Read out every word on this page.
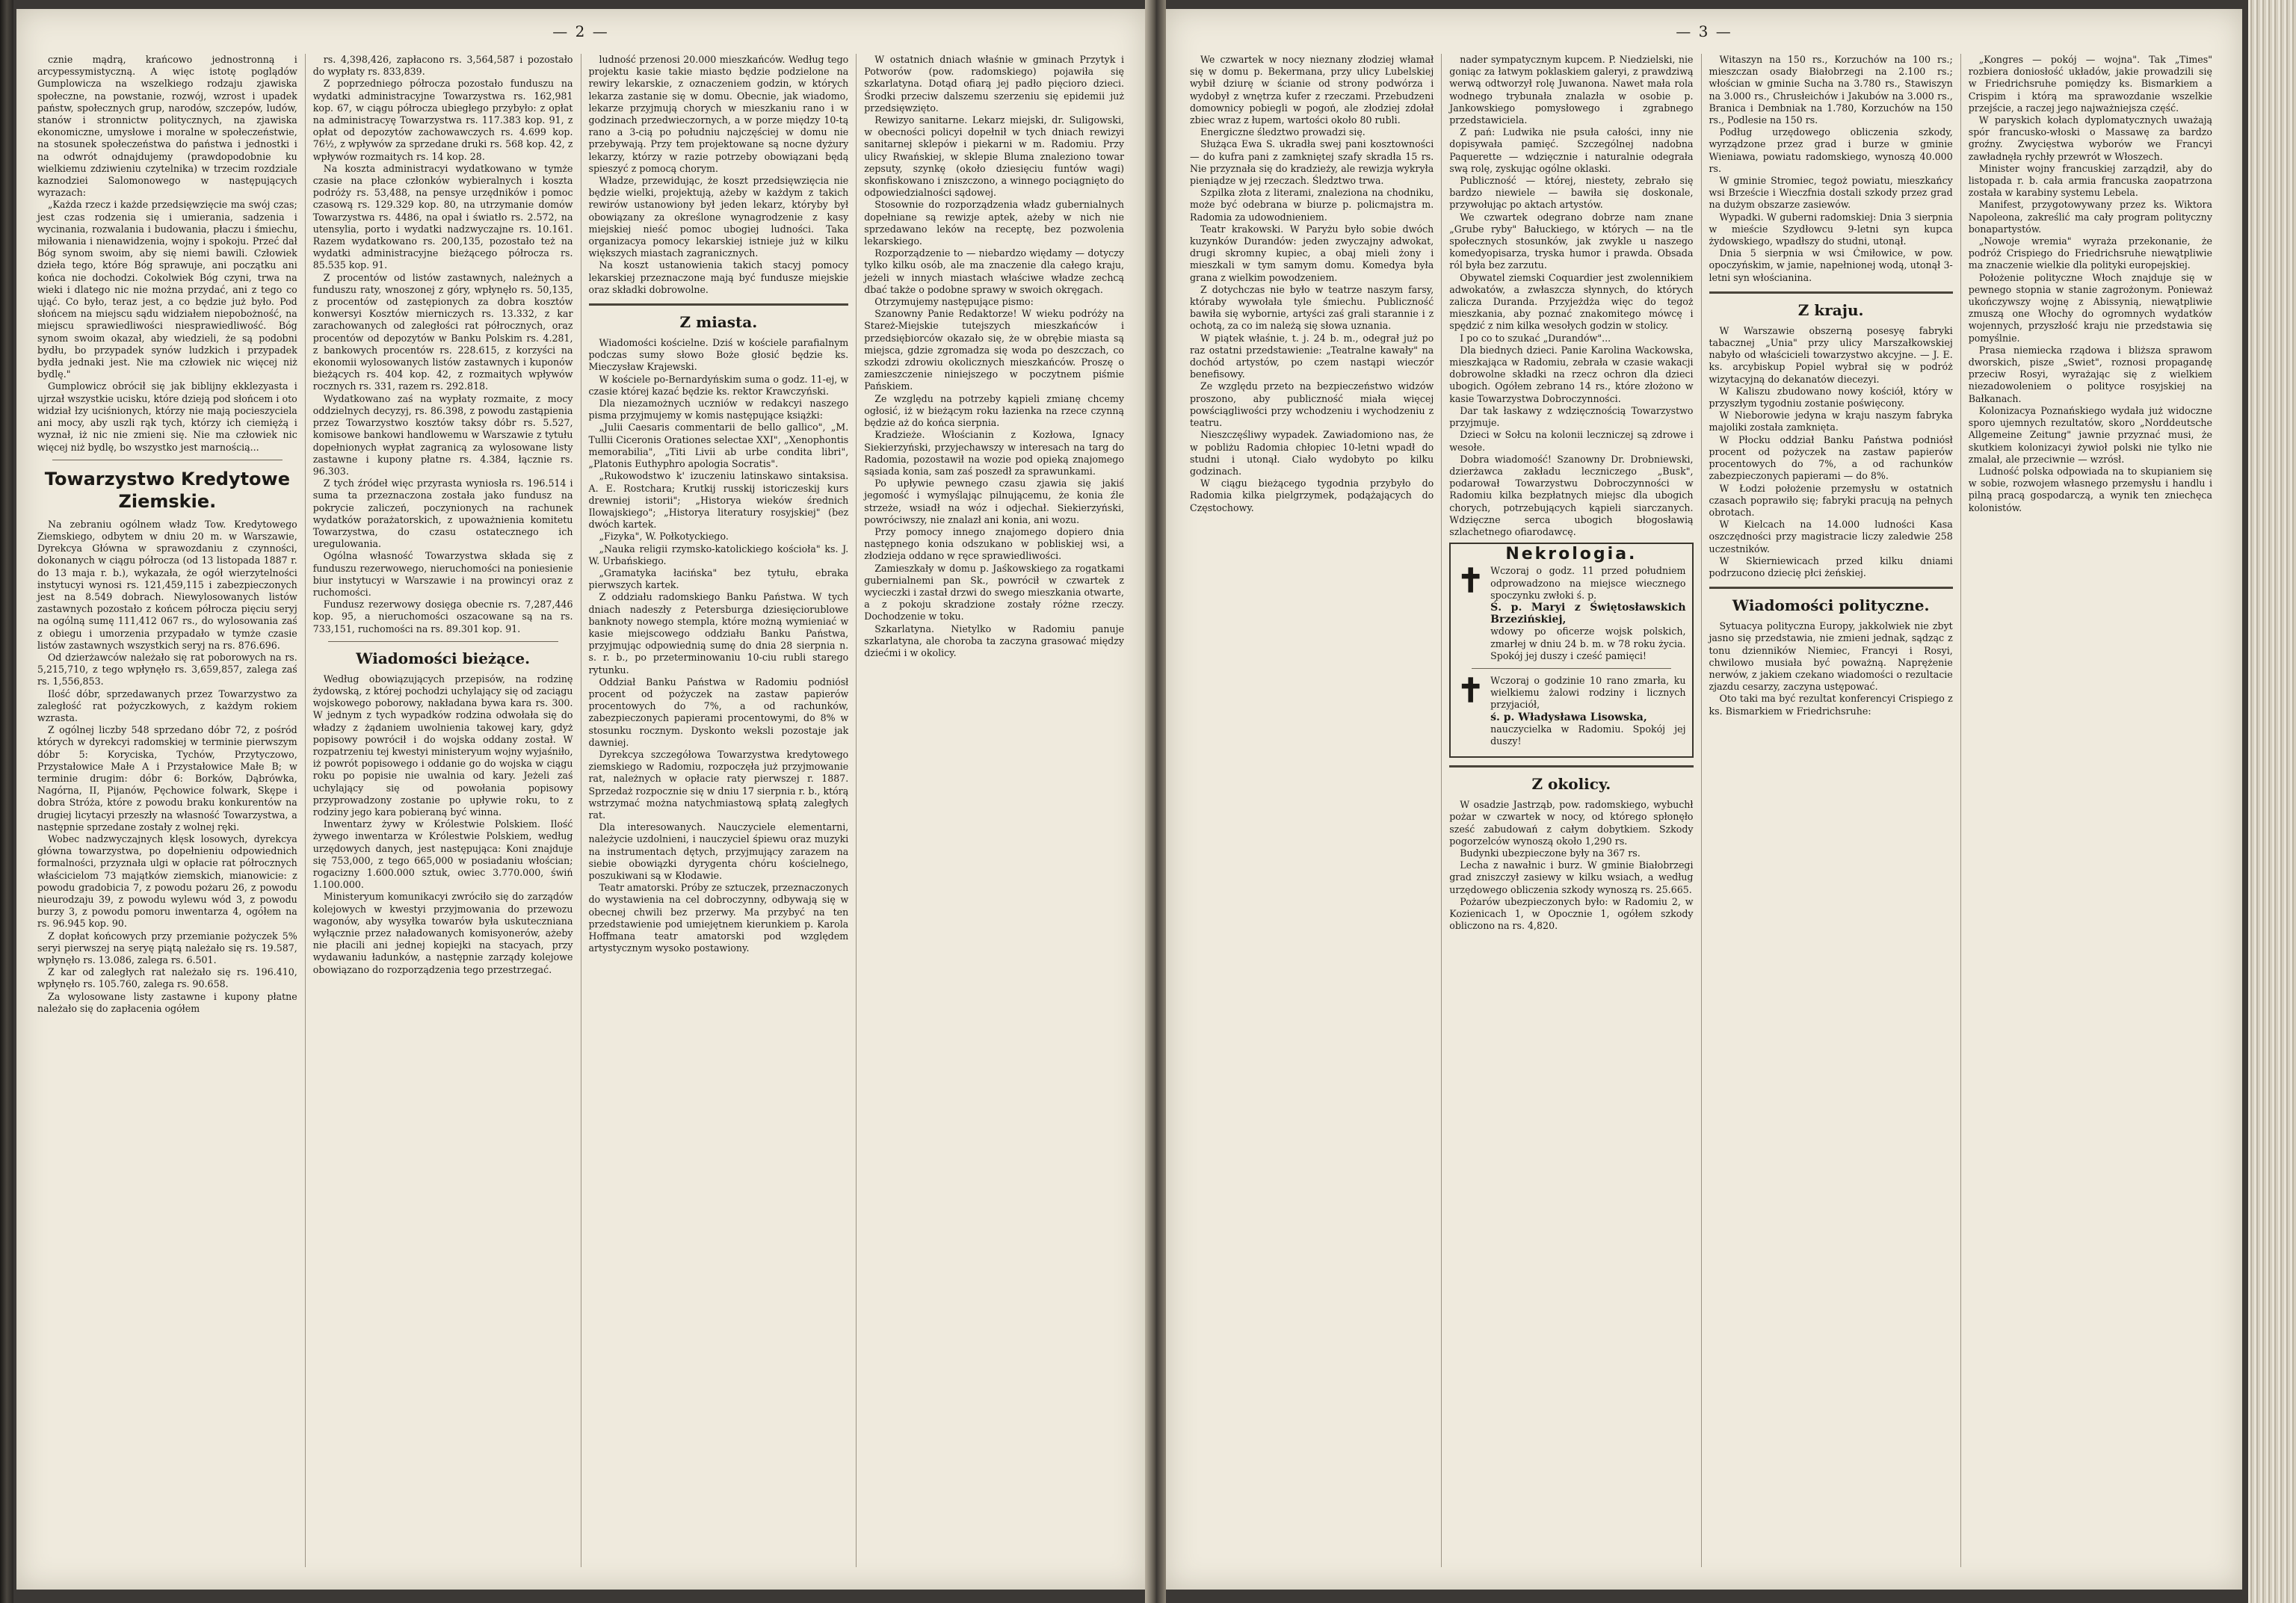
— 2 —

cznie mądrą, krańcowo jednostronną i arcypessymistyczną. A więc istotę poglądów Gumplowicza na wszelkiego rodzaju zjawiska społeczne, na powstanie, rozwój, wzrost i upadek państw, społecznych grup, narodów, szczepów, ludów, stanów i stronnictw politycznych, na zjawiska ekonomiczne, umysłowe i moralne w społeczeństwie, na stosunek społeczeństwa do państwa i jednostki i na odwrót odnajdujemy (prawdopodobnie ku wielkiemu zdziwieniu czytelnika) w trzecim rozdziale kaznodziei Salomonowego w następujących wyrazach:

„Każda rzecz i każde przedsięwzięcie ma swój czas; jest czas rodzenia się i umierania, sadzenia i wycinania, rozwalania i budowania, płaczu i śmiechu, miłowania i nienawidzenia, wojny i spokoju. Przeć dał Bóg synom swoim, aby się niemi bawili. Człowiek dzieła tego, które Bóg sprawuje, ani początku ani końca nie dochodzi. Cokolwiek Bóg czyni, trwa na wieki i dlatego nic nie można przydać, ani z tego co ująć. Co było, teraz jest, a co będzie już było. Pod słońcem na miejscu sądu widziałem niepobożność, na miejscu sprawiedliwości niesprawiedliwość. Bóg synom swoim okazał, aby wiedzieli, że są podobni bydłu, bo przypadek synów ludzkich i przypadek bydła jednaki jest. Nie ma człowiek nic więcej niż bydlę."

Gumplowicz obrócił się jak biblijny ekklezyasta i ujrzał wszystkie ucisku, które dzieją pod słońcem i oto widział łzy uciśnionych, którzy nie mają pocieszyciela ani mocy, aby uszli rąk tych, którzy ich ciemiężą i wyznał, iż nic nie zmieni się. Nie ma człowiek nic więcej niż bydlę, bo wszystko jest marnością...

Towarzystwo Kredytowe Ziemskie.

Na zebraniu ogólnem władz Tow. Kredytowego Ziemskiego, odbytem w dniu 20 m. w Warszawie, Dyrekcya Główna w sprawozdaniu z czynności, dokonanych w ciągu półrocza (od 13 listopada 1887 r. do 13 maja r. b.), wykazała, że ogół wierzytelności instytucyi wynosi rs. 121,459,115 i zabezpieczonych jest na 8.549 dobrach. Niewylosowanych listów zastawnych pozostało z końcem półrocza pięciu seryj na ogólną sumę 111,412 067 rs., do wylosowania zaś z obiegu i umorzenia przypadało w tymże czasie listów zastawnych wszystkich seryj na rs. 876.696.

Od dzierżawców należało się rat poborowych na rs. 5,215,710, z tego wpłynęło rs. 3,659,857, zalega zaś rs. 1,556,853.

Ilość dóbr, sprzedawanych przez Towarzystwo za zaległość rat pożyczkowych, z każdym rokiem wzrasta.

Z ogólnej liczby 548 sprzedano dóbr 72, z pośród których w dyrekcyi radomskiej w terminie pierwszym dóbr 5: Koryciska, Tychów, Przytyczowo, Przystałowice Małe A i Przystałowice Małe B; w terminie drugim: dóbr 6: Borków, Dąbrówka, Nagórna, II, Pijanów, Pęchowice folwark, Skępe i dobra Stróża, które z powodu braku konkurentów na drugiej licytacyi przeszły na własność Towarzystwa, a następnie sprzedane zostały z wolnej ręki.

Wobec nadzwyczajnych klęsk losowych, dyrekcya główna towarzystwa, po dopełnieniu odpowiednich formalności, przyznała ulgi w opłacie rat półrocznych właścicielom 73 majątków ziemskich, mianowicie: z powodu gradobicia 7, z powodu pożaru 26, z powodu nieurodzaju 39, z powodu wylewu wód 3, z powodu burzy 3, z powodu pomoru inwentarza 4, ogółem na rs. 96.945 kop. 90.

Z dopłat końcowych przy przemianie pożyczek 5% seryi pierwszej na seryę piątą należało się rs. 19.587, wpłynęło rs. 13.086, zalega rs. 6.501.

Z kar od zaległych rat należało się rs. 196.410, wpłynęło rs. 105.760, zalega rs. 90.658.

Za wylosowane listy zastawne i kupony płatne należało się do zapłacenia ogółem

rs. 4,398,426, zapłacono rs. 3,564,587 i pozostało do wypłaty rs. 833,839.

Z poprzedniego półrocza pozostało funduszu na wydatki administracyjne Towarzystwa rs. 162,981 kop. 67, w ciągu półrocza ubiegłego przybyło: z opłat na administracyę Towarzystwa rs. 117.383 kop. 91, z opłat od depozytów zachowawczych rs. 4.699 kop. 76½, z wpływów za sprzedane druki rs. 568 kop. 42, z wpływów rozmaitych rs. 14 kop. 28.

Na koszta administracyi wydatkowano w tymże czasie na płace członków wybieralnych i koszta podróży rs. 53,488, na pensye urzędników i pomoc czasową rs. 129.329 kop. 80, na utrzymanie domów Towarzystwa rs. 4486, na opał i światło rs. 2.572, na utensylia, porto i wydatki nadzwyczajne rs. 10.161. Razem wydatkowano rs. 200,135, pozostało też na wydatki administracyjne bieżącego półrocza rs. 85.535 kop. 91.

Z procentów od listów zastawnych, należnych a funduszu raty, wnoszonej z góry, wpłynęło rs. 50,135, z procentów od zastępionych za dobra kosztów konwersyi Kosztów mierniczych rs. 13.332, z kar zarachowanych od zaległości rat półrocznych, oraz procentów od depozytów w Banku Polskim rs. 4.281, z bankowych procentów rs. 228.615, z korzyści na ekonomii wylosowanych listów zastawnych i kuponów bieżących rs. 404 kop. 42, z rozmaitych wpływów rocznych rs. 331, razem rs. 292.818.

Wydatkowano zaś na wypłaty rozmaite, z mocy oddzielnych decyzyj, rs. 86.398, z powodu zastąpienia przez Towarzystwo kosztów taksy dóbr rs. 5.527, komisowe bankowi handlowemu w Warszawie z tytułu dopełnionych wypłat zagranicą za wylosowane listy zastawne i kupony płatne rs. 4.384, łącznie rs. 96.303.

Z tych źródeł więc przyrasta wyniosła rs. 196.514 i suma ta przeznaczona została jako fundusz na pokrycie zaliczeń, poczynionych na rachunek wydatków porażatorskich, z upoważnienia komitetu Towarzystwa, do czasu ostatecznego ich uregulowania.

Ogólna własność Towarzystwa składa się z funduszu rezerwowego, nieruchomości na poniesienie biur instytucyi w Warszawie i na prowincyi oraz z ruchomości.

Fundusz rezerwowy dosięga obecnie rs. 7,287,446 kop. 95, a nieruchomości oszacowane są na rs. 733,151, ruchomości na rs. 89.301 kop. 91.

Wiadomości bieżące.

Według obowiązujących przepisów, na rodzinę żydowską, z której pochodzi uchylający się od zaciągu wojskowego poborowy, nakładana bywa kara rs. 300. W jednym z tych wypadków rodzina odwołała się do władzy z żądaniem uwolnienia takowej kary, gdyż popisowy powrócił i do wojska oddany został. W rozpatrzeniu tej kwestyi ministeryum wojny wyjaśniło, iż powrót popisowego i oddanie go do wojska w ciągu roku po popisie nie uwalnia od kary. Jeżeli zaś uchylający się od powołania popisowy przyprowadzony zostanie po upływie roku, to z rodziny jego kara pobieraną być winna.

Inwentarz żywy w Królestwie Polskiem. Ilość żywego inwentarza w Królestwie Polskiem, według urzędowych danych, jest następująca: Koni znajduje się 753,000, z tego 665,000 w posiadaniu włościan; rogacizny 1.600.000 sztuk, owiec 3.770.000, świń 1.100.000.

Ministeryum komunikacyi zwróciło się do zarządów kolejowych w kwestyi przyjmowania do przewozu wagonów, aby wysyłka towarów była uskuteczniana wyłącznie przez naładowanych komisyonerów, ażeby nie płacili ani jednej kopiejki na stacyach, przy wydawaniu ładunków, a następnie zarządy kolejowe obowiązano do rozporządzenia tego przestrzegać.

ludność przenosi 20.000 mieszkańców. Według tego projektu kasie takie miasto będzie podzielone na rewiry lekarskie, z oznaczeniem godzin, w których lekarza zastanie się w domu. Obecnie, jak wiadomo, lekarze przyjmują chorych w mieszkaniu rano i w godzinach przedwieczornych, a w porze między 10-tą rano a 3-cią po południu najczęściej w domu nie przebywają. Przy tem projektowane są nocne dyżury lekarzy, którzy w razie potrzeby obowiązani będą spieszyć z pomocą chorym.

Władze, przewidując, że koszt przedsięwzięcia nie będzie wielki, projektują, ażeby w każdym z takich rewirów ustanowiony był jeden lekarz, któryby był obowiązany za określone wynagrodzenie z kasy miejskiej nieść pomoc ubogiej ludności. Taka organizacya pomocy lekarskiej istnieje już w kilku większych miastach zagranicznych.

Na koszt ustanowienia takich stacyj pomocy lekarskiej przeznaczone mają być fundusze miejskie oraz składki dobrowolne.

Z miasta.

Wiadomości kościelne. Dziś w kościele parafialnym podczas sumy słowo Boże głosić będzie ks. Mieczysław Krajewski.

W kościele po-Bernardyńskim suma o godz. 11-ej, w czasie której kazać będzie ks. rektor Krawczyński.

Dla niezamożnych uczniów w redakcyi naszego pisma przyjmujemy w komis następujące książki:

„Julii Caesaris commentarii de bello gallico", „M. Tullii Ciceronis Orationes selectae XXI", „Xenophontis memorabilia", „Titi Livii ab urbe condita libri", „Platonis Euthyphro apologia Socratis".

„Rukowodstwo k' izuczeniu latinskawo sintaksisa. A. E. Rostchara; Krutkij russkij istoriczeskij kurs drewniej istorii"; „Historya wieków średnich Ilowajskiego"; „Historya literatury rosyjskiej" (bez dwóch kartek.

„Fizyka", W. Połkotyckiego.

„Nauka religii rzymsko-katolickiego kościoła" ks. J. W. Urbańskiego.

„Gramatyka łacińska" bez tytułu, ebraka pierwszych kartek.

Z oddziału radomskiego Banku Państwa. W tych dniach nadeszły z Petersburga dziesięciorublowe banknoty nowego stempla, które możną wymieniać w kasie miejscowego oddziału Banku Państwa, przyjmując odpowiednią sumę do dnia 28 sierpnia n. s. r. b., po przeterminowaniu 10-ciu rubli starego rytunku.

Oddział Banku Państwa w Radomiu podniósł procent od pożyczek na zastaw papierów procentowych do 7%, a od rachunków, zabezpieczonych papierami procentowymi, do 8% w stosunku rocznym. Dyskonto weksli pozostaje jak dawniej.

Dyrekcya szczegółowa Towarzystwa kredytowego ziemskiego w Radomiu, rozpoczęła już przyjmowanie rat, należnych w opłacie raty pierwszej r. 1887. Sprzedaż rozpocznie się w dniu 17 sierpnia r. b., którą wstrzymać można natychmiastową spłatą zaległych rat.

Dla interesowanych. Nauczyciele elementarni, należycie uzdolnieni, i nauczyciel śpiewu oraz muzyki na instrumentach dętych, przyjmujący zarazem na siebie obowiązki dyrygenta chóru kościelnego, poszukiwani są w Kłodawie.

Teatr amatorski. Próby ze sztuczek, przeznaczonych do wystawienia na cel dobroczynny, odbywają się w obecnej chwili bez przerwy. Ma przybyć na ten przedstawienie pod umiejętnem kierunkiem p. Karola Hoffmana teatr amatorski pod względem artystycznym wysoko postawiony.

W ostatnich dniach właśnie w gminach Przytyk i Potworów (pow. radomskiego) pojawiła się szkarlatyna. Dotąd ofiarą jej padło pięcioro dzieci. Środki przeciw dalszemu szerzeniu się epidemii już przedsięwzięto.

Rewizyo sanitarne. Lekarz miejski, dr. Suligowski, w obecności policyi dopełnił w tych dniach rewizyi sanitarnej sklepów i piekarni w m. Radomiu. Przy ulicy Rwańskiej, w sklepie Bluma znaleziono towar zepsuty, szynkę (około dziesięciu funtów wagi) skonfiskowano i zniszczono, a winnego pociągnięto do odpowiedzialności sądowej.

Stosownie do rozporządzenia władz gubernialnych dopełniane są rewizje aptek, ażeby w nich nie sprzedawano leków na receptę, bez pozwolenia lekarskiego.

Rozporządzenie to — niebardzo więdamy — dotyczy tylko kilku osób, ale ma znaczenie dla całego kraju, jeżeli w innych miastach właściwe władze zechcą dbać także o podobne sprawy w swoich okręgach.

Otrzymujemy następujące pismo:

Szanowny Panie Redaktorze! W wieku podróży na Stareż-Miejskie tutejszych mieszkańców i przedsiębiorców okazało się, że w obrębie miasta są miejsca, gdzie zgromadza się woda po deszczach, co szkodzi zdrowiu okolicznych mieszkańców. Proszę o zamieszczenie niniejszego w poczytnem piśmie Pańskiem.

Ze względu na potrzeby kąpieli zmianę chcemy ogłosić, iż w bieżącym roku łazienka na rzece czynną będzie aż do końca sierpnia.

Kradzieże. Włościanin z Kozłowa, Ignacy Siekierzyński, przyjechawszy w interesach na targ do Radomia, pozostawił na wozie pod opieką znajomego sąsiada konia, sam zaś poszedł za sprawunkami.

Po upływie pewnego czasu zjawia się jakiś jegomość i wymyślając pilnującemu, że konia źle strzeże, wsiadł na wóz i odjechał. Siekierzyński, powróciwszy, nie znalazł ani konia, ani wozu.

Przy pomocy innego znajomego dopiero dnia następnego konia odszukano w pobliskiej wsi, a złodzieja oddano w ręce sprawiedliwości.

Zamieszkały w domu p. Jaśkowskiego za rogatkami gubernialnemi pan Sk., powrócił w czwartek z wycieczki i zastał drzwi do swego mieszkania otwarte, a z pokoju skradzione zostały różne rzeczy. Dochodzenie w toku.

Szkarlatyna. Nietylko w Radomiu panuje szkarlatyna, ale choroba ta zaczyna grasować między dziećmi i w okolicy.

— 3 —

We czwartek w nocy nieznany złodziej włamał się w domu p. Bekermana, przy ulicy Lubelskiej wybił dziurę w ścianie od strony podwórza i wydobył z wnętrza kufer z rzeczami. Przebudzeni domownicy pobiegli w pogoń, ale złodziej zdołał zbiec wraz z łupem, wartości około 80 rubli.

Energiczne śledztwo prowadzi się.

Służąca Ewa S. ukradła swej pani kosztowności — do kufra pani z zamkniętej szafy skradła 15 rs. Nie przyznała się do kradzieży, ale rewizja wykryła pieniądze w jej rzeczach. Śledztwo trwa.

Szpilka złota z literami, znaleziona na chodniku, może być odebrana w biurze p. policmajstra m. Radomia za udowodnieniem.

Teatr krakowski. W Paryżu było sobie dwóch kuzynków Durandów: jeden zwyczajny adwokat, drugi skromny kupiec, a obaj mieli żony i mieszkali w tym samym domu. Komedya była grana z wielkim powodzeniem.

Z dotychczas nie było w teatrze naszym farsy, któraby wywołała tyle śmiechu. Publiczność bawiła się wybornie, artyści zaś grali starannie i z ochotą, za co im należą się słowa uznania.

W piątek właśnie, t. j. 24 b. m., odegrał już po raz ostatni przedstawienie: „Teatralne kawały" na dochód artystów, po czem nastąpi wieczór benefisowy.

Ze względu przeto na bezpieczeństwo widzów proszono, aby publiczność miała więcej powściągliwości przy wchodzeniu i wychodzeniu z teatru.

Nieszczęśliwy wypadek. Zawiadomiono nas, że w pobliżu Radomia chłopiec 10-letni wpadł do studni i utonął. Ciało wydobyto po kilku godzinach.

W ciągu bieżącego tygodnia przybyło do Radomia kilka pielgrzymek, podążających do Częstochowy.

nader sympatycznym kupcem. P. Niedzielski, nie goniąc za łatwym poklaskiem galeryi, z prawdziwą werwą odtworzył rolę Juwanona. Nawet mała rola wodnego trybunała znalazła w osobie p. Jankowskiego pomysłowego i zgrabnego przedstawiciela.

Z pań: Ludwika nie psuła całości, inny nie dopisywała pamięć. Szczególnej nadobna Paquerette — wdzięcznie i naturalnie odegrała swą rolę, zyskując ogólne oklaski.

Publiczność — której, niestety, zebrało się bardzo niewiele — bawiła się doskonale, przywołując po aktach artystów.

We czwartek odegrano dobrze nam znane „Grube ryby" Bałuckiego, w których — na tle społecznych stosunków, jak zwykle u naszego komedyopisarza, tryska humor i prawda. Obsada ról była bez zarzutu.

Obywatel ziemski Coquardier jest zwolennikiem adwokatów, a zwłaszcza słynnych, do których zalicza Duranda. Przyjeżdża więc do tegoż mieszkania, aby poznać znakomitego mówcę i spędzić z nim kilka wesołych godzin w stolicy.

I po co to szukać „Durandów"...

Dla biednych dzieci. Panie Karolina Wackowska, mieszkająca w Radomiu, zebrała w czasie wakacji dobrowolne składki na rzecz ochron dla dzieci ubogich. Ogółem zebrano 14 rs., które złożono w kasie Towarzystwa Dobroczynności.

Dar tak łaskawy z wdzięcznością Towarzystwo przyjmuje.

Dzieci w Sołcu na kolonii leczniczej są zdrowe i wesołe.

Dobra wiadomość! Szanowny Dr. Drobniewski, dzierżawca zakładu leczniczego „Busk", podarował Towarzystwu Dobroczynności w Radomiu kilka bezpłatnych miejsc dla ubogich chorych, potrzebujących kąpieli siarczanych. Wdzięczne serca ubogich błogosławią szlachetnego ofiarodawcę.

Nekrologia.
✝ Wczoraj o godz. 11 przed południem odprowadzono na miejsce wiecznego spoczynku zwłoki ś. p.
Ś. p. Maryi z Świętosławskich Brzezińskiej,
wdowy po oficerze wojsk polskich, zmarłej w dniu 24 b. m. w 78 roku życia. Spokój jej duszy i cześć pamięci!
✝ Wczoraj o godzinie 10 rano zmarła, ku wielkiemu żalowi rodziny i licznych przyjaciół,
ś. p. Władysława Lisowska,
nauczycielka w Radomiu. Spokój jej duszy!
Z okolicy.

W osadzie Jastrząb, pow. radomskiego, wybuchł pożar w czwartek w nocy, od którego spłonęło sześć zabudowań z całym dobytkiem. Szkody pogorzelców wynoszą około 1,290 rs.

Budynki ubezpieczone były na 367 rs.

Lecha z nawałnic i burz. W gminie Białobrzegi grad zniszczył zasiewy w kilku wsiach, a według urzędowego obliczenia szkody wynoszą rs. 25.665.

Pożarów ubezpieczonych było: w Radomiu 2, w Kozienicach 1, w Opocznie 1, ogółem szkody obliczono na rs. 4,820.

Witaszyn na 150 rs., Korzuchów na 100 rs.; mieszczan osady Białobrzegi na 2.100 rs.; włościan w gminie Sucha na 3.780 rs., Stawiszyn na 3.000 rs., Chrusłeichów i Jakubów na 3.000 rs., Branica i Dembniak na 1.780, Korzuchów na 150 rs., Podlesie na 150 rs.

Podług urzędowego obliczenia szkody, wyrządzone przez grad i burze w gminie Wieniawa, powiatu radomskiego, wynoszą 40.000 rs.

W gminie Stromiec, tegoż powiatu, mieszkańcy wsi Brzeście i Wieczfnia dostali szkody przez grad na dużym obszarze zasiewów.

Wypadki. W guberni radomskiej: Dnia 3 sierpnia w mieście Szydłowcu 9-letni syn kupca żydowskiego, wpadłszy do studni, utonął.

Dnia 5 sierpnia w wsi Ćmiłowice, w pow. opoczyńskim, w jamie, napełnionej wodą, utonął 3-letni syn włościanina.

Z kraju.

W Warszawie obszerną posesyę fabryki tabacznej „Unia" przy ulicy Marszałkowskiej nabyło od właścicieli towarzystwo akcyjne. — J. E. ks. arcybiskup Popiel wybrał się w podróż wizytacyjną do dekanatów diecezyi.

W Kaliszu zbudowano nowy kościół, który w przyszłym tygodniu zostanie poświęcony.

W Nieborowie jedyna w kraju naszym fabryka majoliki została zamknięta.

W Płocku oddział Banku Państwa podniósł procent od pożyczek na zastaw papierów procentowych do 7%, a od rachunków zabezpieczonych papierami — do 8%.

W Łodzi położenie przemysłu w ostatnich czasach poprawiło się; fabryki pracują na pełnych obrotach.

W Kielcach na 14.000 ludności Kasa oszczędności przy magistracie liczy zaledwie 258 uczestników.

W Skierniewicach przed kilku dniami podrzucono dziecię płci żeńskiej.

Wiadomości polityczne.

Sytuacya polityczna Europy, jakkolwiek nie zbyt jasno się przedstawia, nie zmieni jednak, sądząc z tonu dzienników Niemiec, Francyi i Rosyi, chwilowo musiała być poważną. Naprężenie nerwów, z jakiem czekano wiadomości o rezultacie zjazdu cesarzy, zaczyna ustępować.

Oto taki ma być rezultat konferencyi Crispiego z ks. Bismarkiem w Friedrichsruhe:

„Kongres — pokój — wojna". Tak „Times" rozbiera doniosłość układów, jakie prowadzili się w Friedrichsruhe pomiędzy ks. Bismarkiem a Crispim i którą ma sprawozdanie wszelkie przejście, a raczej jego najważniejsza część.

W paryskich kołach dyplomatycznych uważają spór francusko-włoski o Massawę za bardzo groźny. Zwycięstwa wyborów we Francyi zawładnęła rychły przewrót w Włoszech.

Minister wojny francuskiej zarządził, aby do listopada r. b. cała armia francuska zaopatrzona została w karabiny systemu Lebela.

Manifest, przygotowywany przez ks. Wiktora Napoleona, zakreślić ma cały program polityczny bonapartystów.

„Nowoje wremia" wyraża przekonanie, że podróż Crispiego do Friedrichsruhe niewątpliwie ma znaczenie wielkie dla polityki europejskiej.

Położenie polityczne Włoch znajduje się w pewnego stopnia w stanie zagrożonym. Ponieważ ukończywszy wojnę z Abissynią, niewątpliwie zmuszą one Włochy do ogromnych wydatków wojennych, przyszłość kraju nie przedstawia się pomyślnie.

Prasa niemiecka rządowa i bliższa sprawom dworskich, pisze „Swiet", roznosi propagandę przeciw Rosyi, wyrażając się z wielkiem niezadowoleniem o polityce rosyjskiej na Bałkanach.

Kolonizacya Poznańskiego wydała już widoczne sporo ujemnych rezultatów, skoro „Norddeutsche Allgemeine Zeitung" jawnie przyznać musi, że skutkiem kolonizacyi żywioł polski nie tylko nie zmalał, ale przeciwnie — wzrósł.

Ludność polska odpowiada na to skupianiem się w sobie, rozwojem własnego przemysłu i handlu i pilną pracą gospodarczą, a wynik ten zniechęca kolonistów.
